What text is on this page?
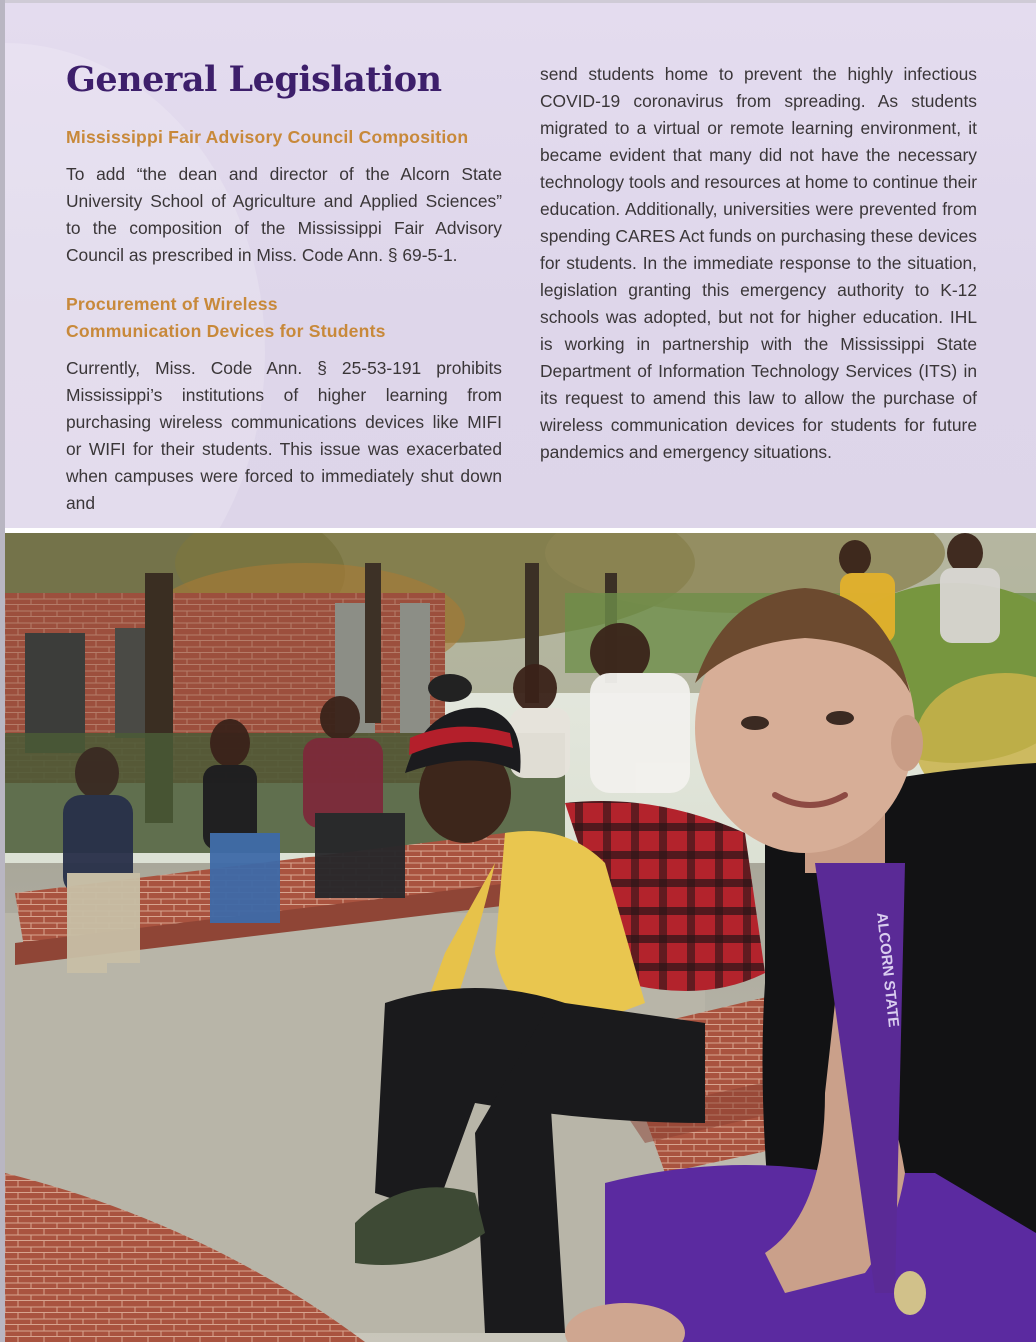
General Legislation
Mississippi Fair Advisory Council Composition

To add “the dean and director of the Alcorn State University School of Agriculture and Applied Sciences” to the composition of the Mississippi Fair Advisory Council as prescribed in Miss. Code Ann. § 69-5-1.

Procurement of Wireless
Communication Devices for Students

Currently, Miss. Code Ann. § 25-53-191 prohibits Mississippi’s institutions of higher learning from purchasing wireless communications devices like MIFI or WIFI for their students. This issue was exacerbated when campuses were forced to immediately shut down and

send students home to prevent the highly infectious COVID-19 coronavirus from spreading. As students migrated to a virtual or remote learning environment, it became evident that many did not have the necessary technology tools and resources at home to continue their education. Additionally, universities were prevented from spending CARES Act funds on purchasing these devices for students. In the immediate response to the situation, legislation granting this emergency authority to K-12 schools was adopted, but not for higher education. IHL is working in partnership with the Mississippi State Department of Information Technology Services (ITS) in its request to amend this law to allow the purchase of wireless communication devices for students for future pandemics and emergency situations.

ALCORN STATE
